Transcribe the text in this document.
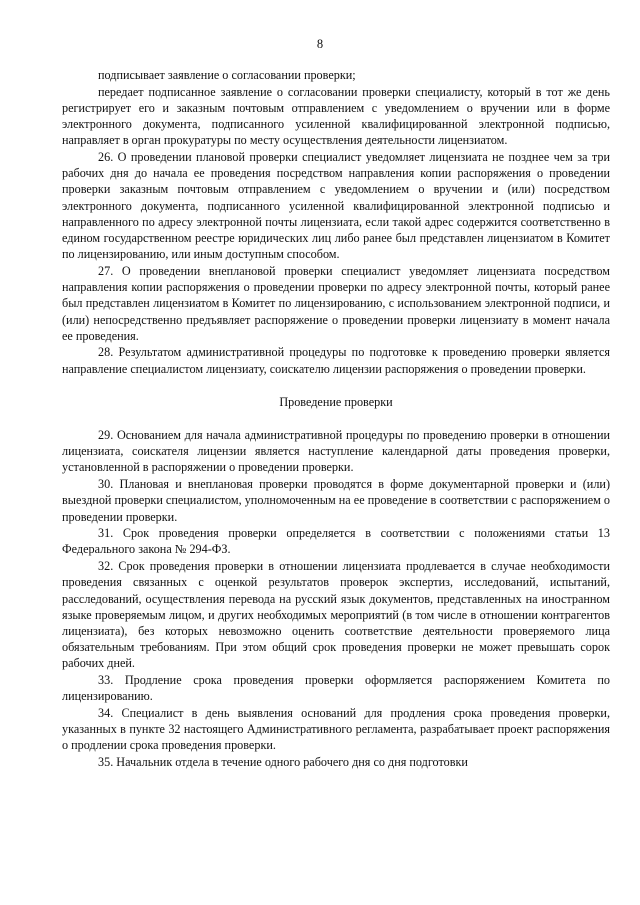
8

подписывает заявление о согласовании проверки;

передает подписанное заявление о согласовании проверки специалисту, который в тот же день регистрирует его и заказным почтовым отправлением с уведомлением о вручении или в форме электронного документа, подписанного усиленной квалифицированной электронной подписью, направляет в орган прокуратуры по месту осуществления деятельности лицензиатом.

26. О проведении плановой проверки специалист уведомляет лицензиата не позднее чем за три рабочих дня до начала ее проведения посредством направления копии распоряжения о проведении проверки заказным почтовым отправлением с уведомлением о вручении и (или) посредством электронного документа, подписанного усиленной квалифицированной электронной подписью и направленного по адресу электронной почты лицензиата, если такой адрес содержится соответственно в едином государственном реестре юридических лиц либо ранее был представлен лицензиатом в Комитет по лицензированию, или иным доступным способом.

27. О проведении внеплановой проверки специалист уведомляет лицензиата посредством направления копии распоряжения о проведении проверки по адресу электронной почты, который ранее был представлен лицензиатом в Комитет по лицензированию, с использованием электронной подписи, и (или) непосредственно предъявляет распоряжение о проведении проверки лицензиату в момент начала ее проведения.

28. Результатом административной процедуры по подготовке к проведению проверки является направление специалистом лицензиату, соискателю лицензии распоряжения о проведении проверки.

Проведение проверки

29. Основанием для начала административной процедуры по проведению проверки в отношении лицензиата, соискателя лицензии является наступление календарной даты проведения проверки, установленной в распоряжении о проведении проверки.

30. Плановая и внеплановая проверки проводятся в форме документарной проверки и (или) выездной проверки специалистом, уполномоченным на ее проведение в соответствии с распоряжением о проведении проверки.

31. Срок проведения проверки определяется в соответствии с положениями статьи 13 Федерального закона № 294-ФЗ.

32. Срок проведения проверки в отношении лицензиата продлевается в случае необходимости проведения связанных с оценкой результатов проверок экспертиз, исследований, испытаний, расследований, осуществления перевода на русский язык документов, представленных на иностранном языке проверяемым лицом, и других необходимых мероприятий (в том числе в отношении контрагентов лицензиата), без которых невозможно оценить соответствие деятельности проверяемого лица обязательным требованиям. При этом общий срок проведения проверки не может превышать сорок рабочих дней.

33. Продление срока проведения проверки оформляется распоряжением Комитета по лицензированию.

34. Специалист в день выявления оснований для продления срока проведения проверки, указанных в пункте 32 настоящего Административного регламента, разрабатывает проект распоряжения о продлении срока проведения проверки.

35. Начальник отдела в течение одного рабочего дня со дня подготовки
